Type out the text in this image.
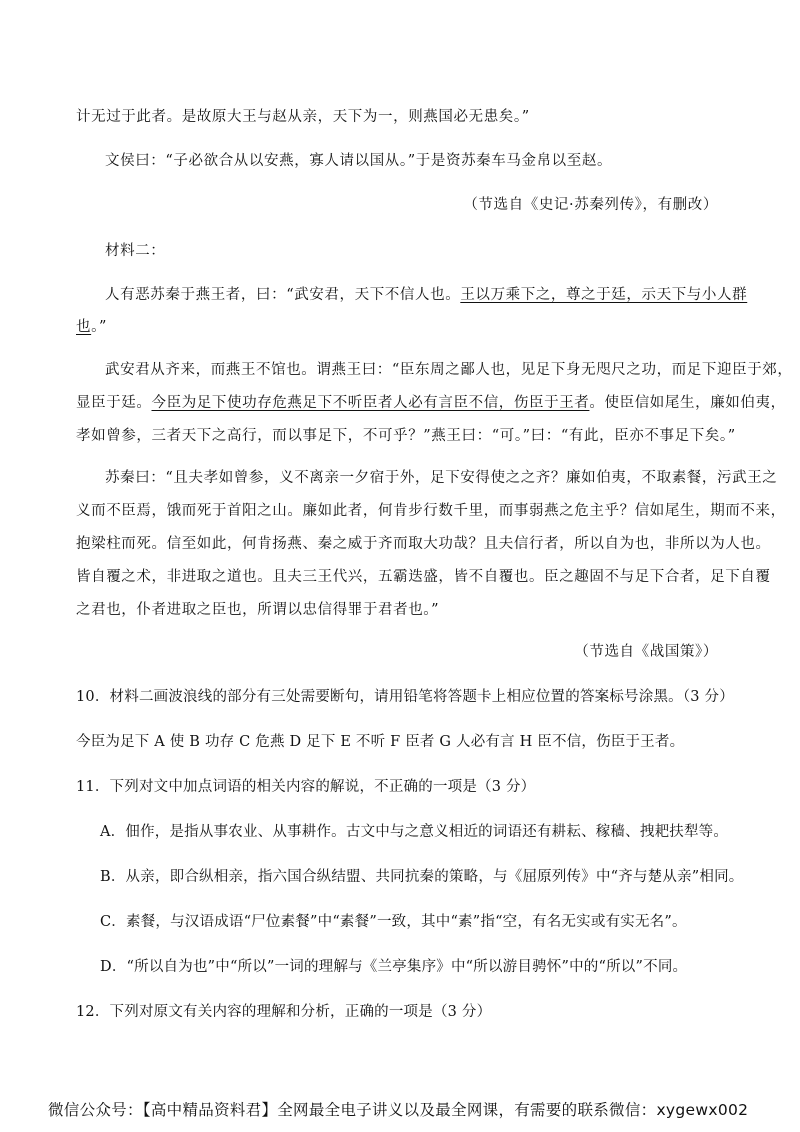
计无过于此者。是故原大王与赵从亲，天下为一，则燕国必无患矣。”
文侯曰：“子必欲合从以安燕，寡人请以国从。”于是资苏秦车马金帛以至赵。
（节选自《史记·苏秦列传》，有删改）
材料二：
人有恶苏秦于燕王者，曰：“武安君，天下不信人也。王以万乘下之，尊之于廷，示天下与小人群
也。”
武安君从齐来，而燕王不馆也。谓燕王曰：“臣东周之鄙人也，见足下身无咫尺之功，而足下迎臣于郊，
显臣于廷。今臣为足下使功存危燕足下不听臣者人必有言臣不信，伤臣于王者。使臣信如尾生，廉如伯夷，
孝如曾参，三者天下之高行，而以事足下，不可乎？”燕王曰：“可。”曰：“有此，臣亦不事足下矣。”
苏秦曰：“且夫孝如曾参，义不离亲一夕宿于外，足下安得使之之齐？廉如伯夷，不取素餐，污武王之
义而不臣焉，饿而死于首阳之山。廉如此者，何肯步行数千里，而事弱燕之危主乎？信如尾生，期而不来，
抱梁柱而死。信至如此，何肯扬燕、秦之威于齐而取大功哉？且夫信行者，所以自为也，非所以为人也。
皆自覆之术，非进取之道也。且夫三王代兴，五霸迭盛，皆不自覆也。臣之趣固不与足下合者，足下自覆
之君也，仆者进取之臣也，所谓以忠信得罪于君者也。”
（节选自《战国策》）
10．材料二画波浪线的部分有三处需要断句，请用铅笔将答题卡上相应位置的答案标号涂黑。（3 分）
今臣为足下 A 使 B 功存 C 危燕 D 足下 E 不听 F 臣者 G 人必有言 H 臣不信，伤臣于王者。
11．下列对文中加点词语的相关内容的解说，不正确的一项是（3 分）
A．佃作，是指从事农业、从事耕作。古文中与之意义相近的词语还有耕耘、稼穑、拽耙扶犁等。
B．从亲，即合纵相亲，指六国合纵结盟、共同抗秦的策略，与《屈原列传》中“齐与楚从亲”相同。
C．素餐，与汉语成语“尸位素餐”中“素餐”一致，其中“素”指“空，有名无实或有实无名”。
D．“所以自为也”中“所以”一词的理解与《兰亭集序》中“所以游目骋怀”中的“所以”不同。
12．下列对原文有关内容的理解和分析，正确的一项是（3 分）
微信公众号：【高中精品资料君】全网最全电子讲义以及最全网课，有需要的联系微信：xygewx002
